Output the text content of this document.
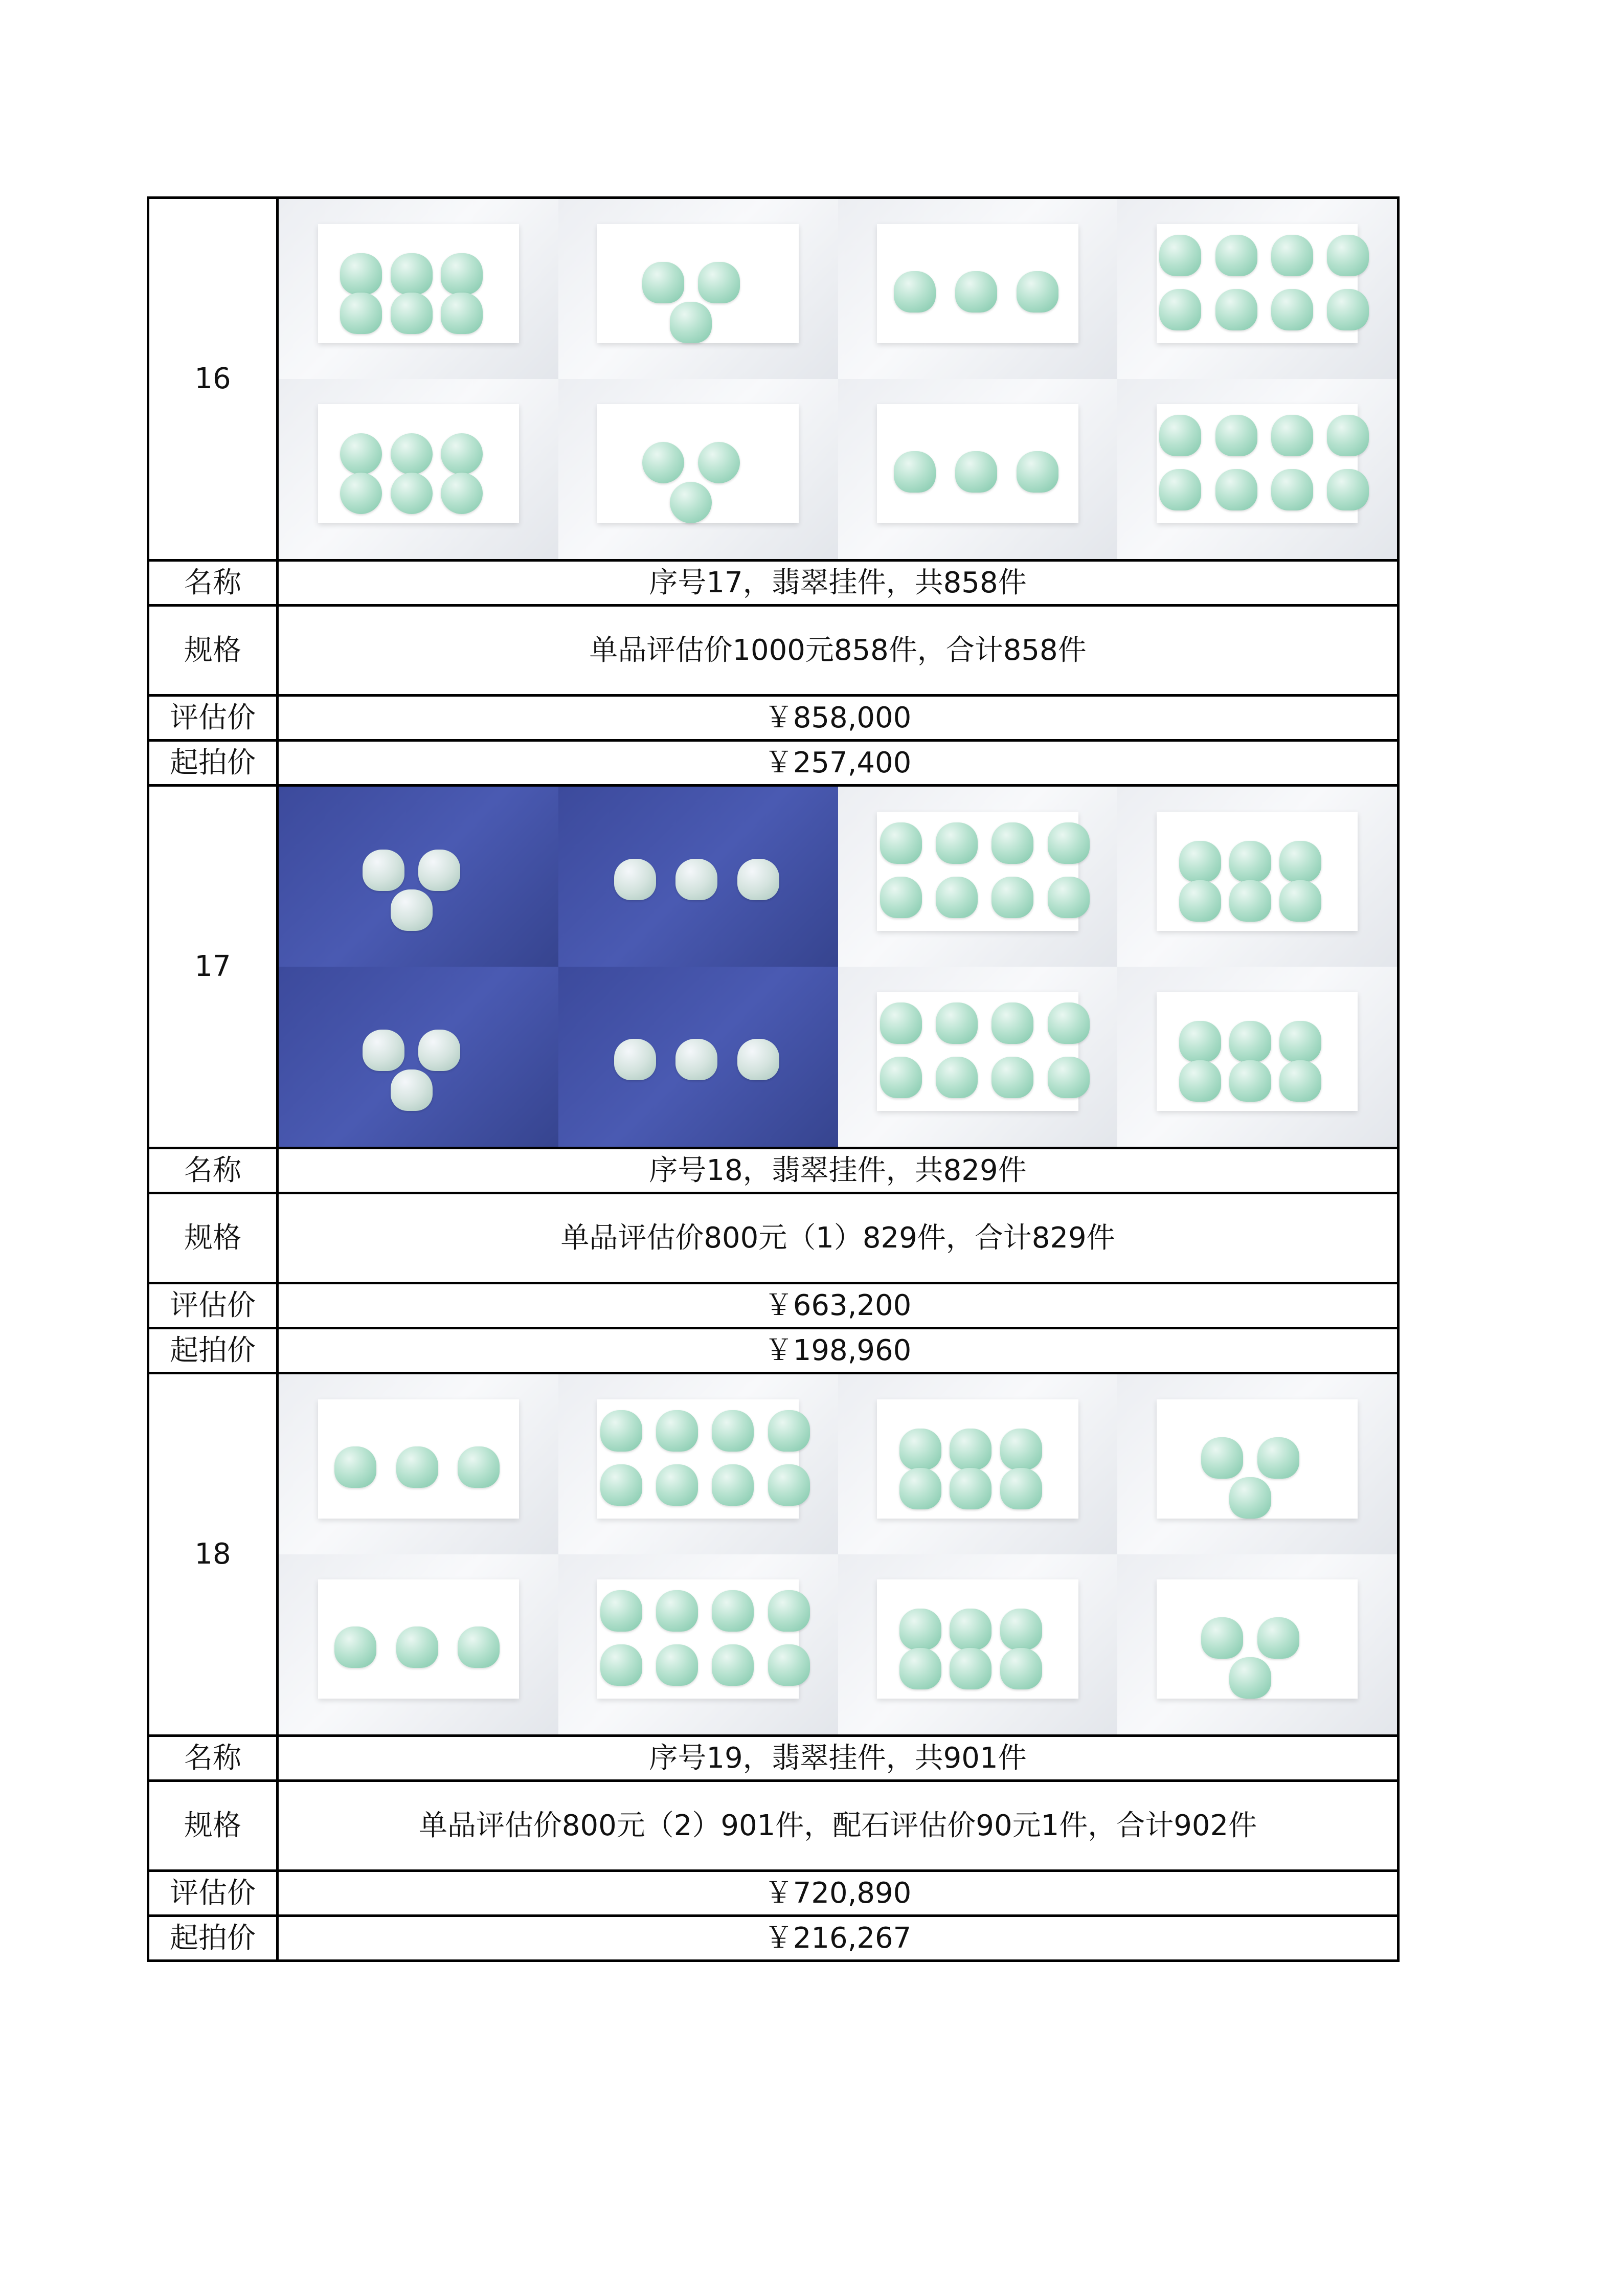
16	

名称	序号17，翡翠挂件，共858件
规格	单品评估价1000元858件，合计858件
评估价	￥858,000
起拍价	￥257,400
17	

名称	序号18，翡翠挂件，共829件
规格	单品评估价800元（1）829件，合计829件
评估价	￥663,200
起拍价	￥198,960
18	

名称	序号19，翡翠挂件，共901件
规格	单品评估价800元（2）901件，配石评估价90元1件，合计902件
评估价	￥720,890
起拍价	￥216,267
